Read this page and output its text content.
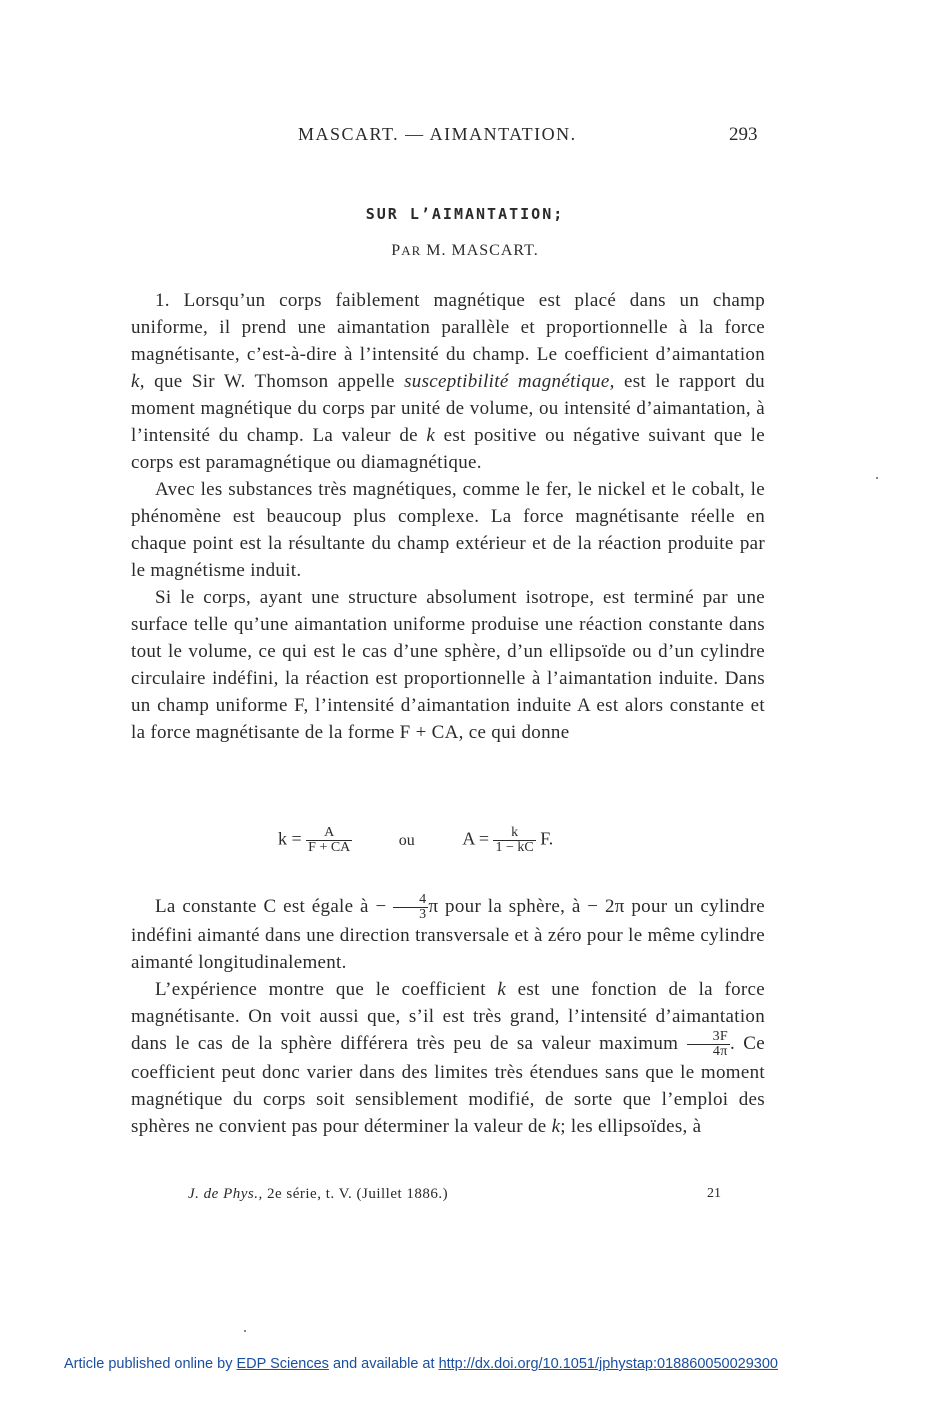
MASCART. — AIMANTATION.	293
SUR L’AIMANTATION;
PAR M. MASCART.

1. Lorsqu’un corps faiblement magnétique est placé dans un champ uniforme, il prend une aimantation parallèle et proportionnelle à la force magnétisante, c’est-à-dire à l’intensité du champ. Le coefficient d’aimantation k, que Sir W. Thomson appelle susceptibilité magnétique, est le rapport du moment magnétique du corps par unité de volume, ou intensité d’aimantation, à l’intensité du champ. La valeur de k est positive ou négative suivant que le corps est paramagnétique ou diamagnétique.

Avec les substances très magnétiques, comme le fer, le nickel et le cobalt, le phénomène est beaucoup plus complexe. La force magnétisante réelle en chaque point est la résultante du champ extérieur et de la réaction produite par le magnétisme induit.

Si le corps, ayant une structure absolument isotrope, est terminé par une surface telle qu’une aimantation uniforme produise une réaction constante dans tout le volume, ce qui est le cas d’une sphère, d’un ellipsoïde ou d’un cylindre circulaire indéfini, la réaction est proportionnelle à l’aimantation induite. Dans un champ uniforme F, l’intensité d’aimantation induite A est alors constante et la force magnétisante de la forme F + CA, ce qui donne

$k = \frac{A}{F + CA}$	ou	$A = \frac{k}{1 - kC} F$.

La constante C est égale à − $\frac{4}{3}$ π pour la sphère, à − 2π pour un cylindre indéfini aimanté dans une direction transversale et à zéro pour le même cylindre aimanté longitudinalement.

L’expérience montre que le coefficient k est une fonction de la force magnétisante. On voit aussi que, s’il est très grand, l’intensité d’aimantation dans le cas de la sphère différera très peu de sa valeur maximum $\frac{3F}{4\pi}$ . Ce coefficient peut donc varier dans des limites très étendues sans que le moment magnétique du corps soit sensiblement modifié, de sorte que l’emploi des sphères ne convient pas pour déterminer la valeur de k; les ellipsoïdes, à

J. de Phys., 2e série, t. V. (Juillet 1886.)	21
Article published online by EDP Sciences and available at http://dx.doi.org/10.1051/jphystap:018860050029300
